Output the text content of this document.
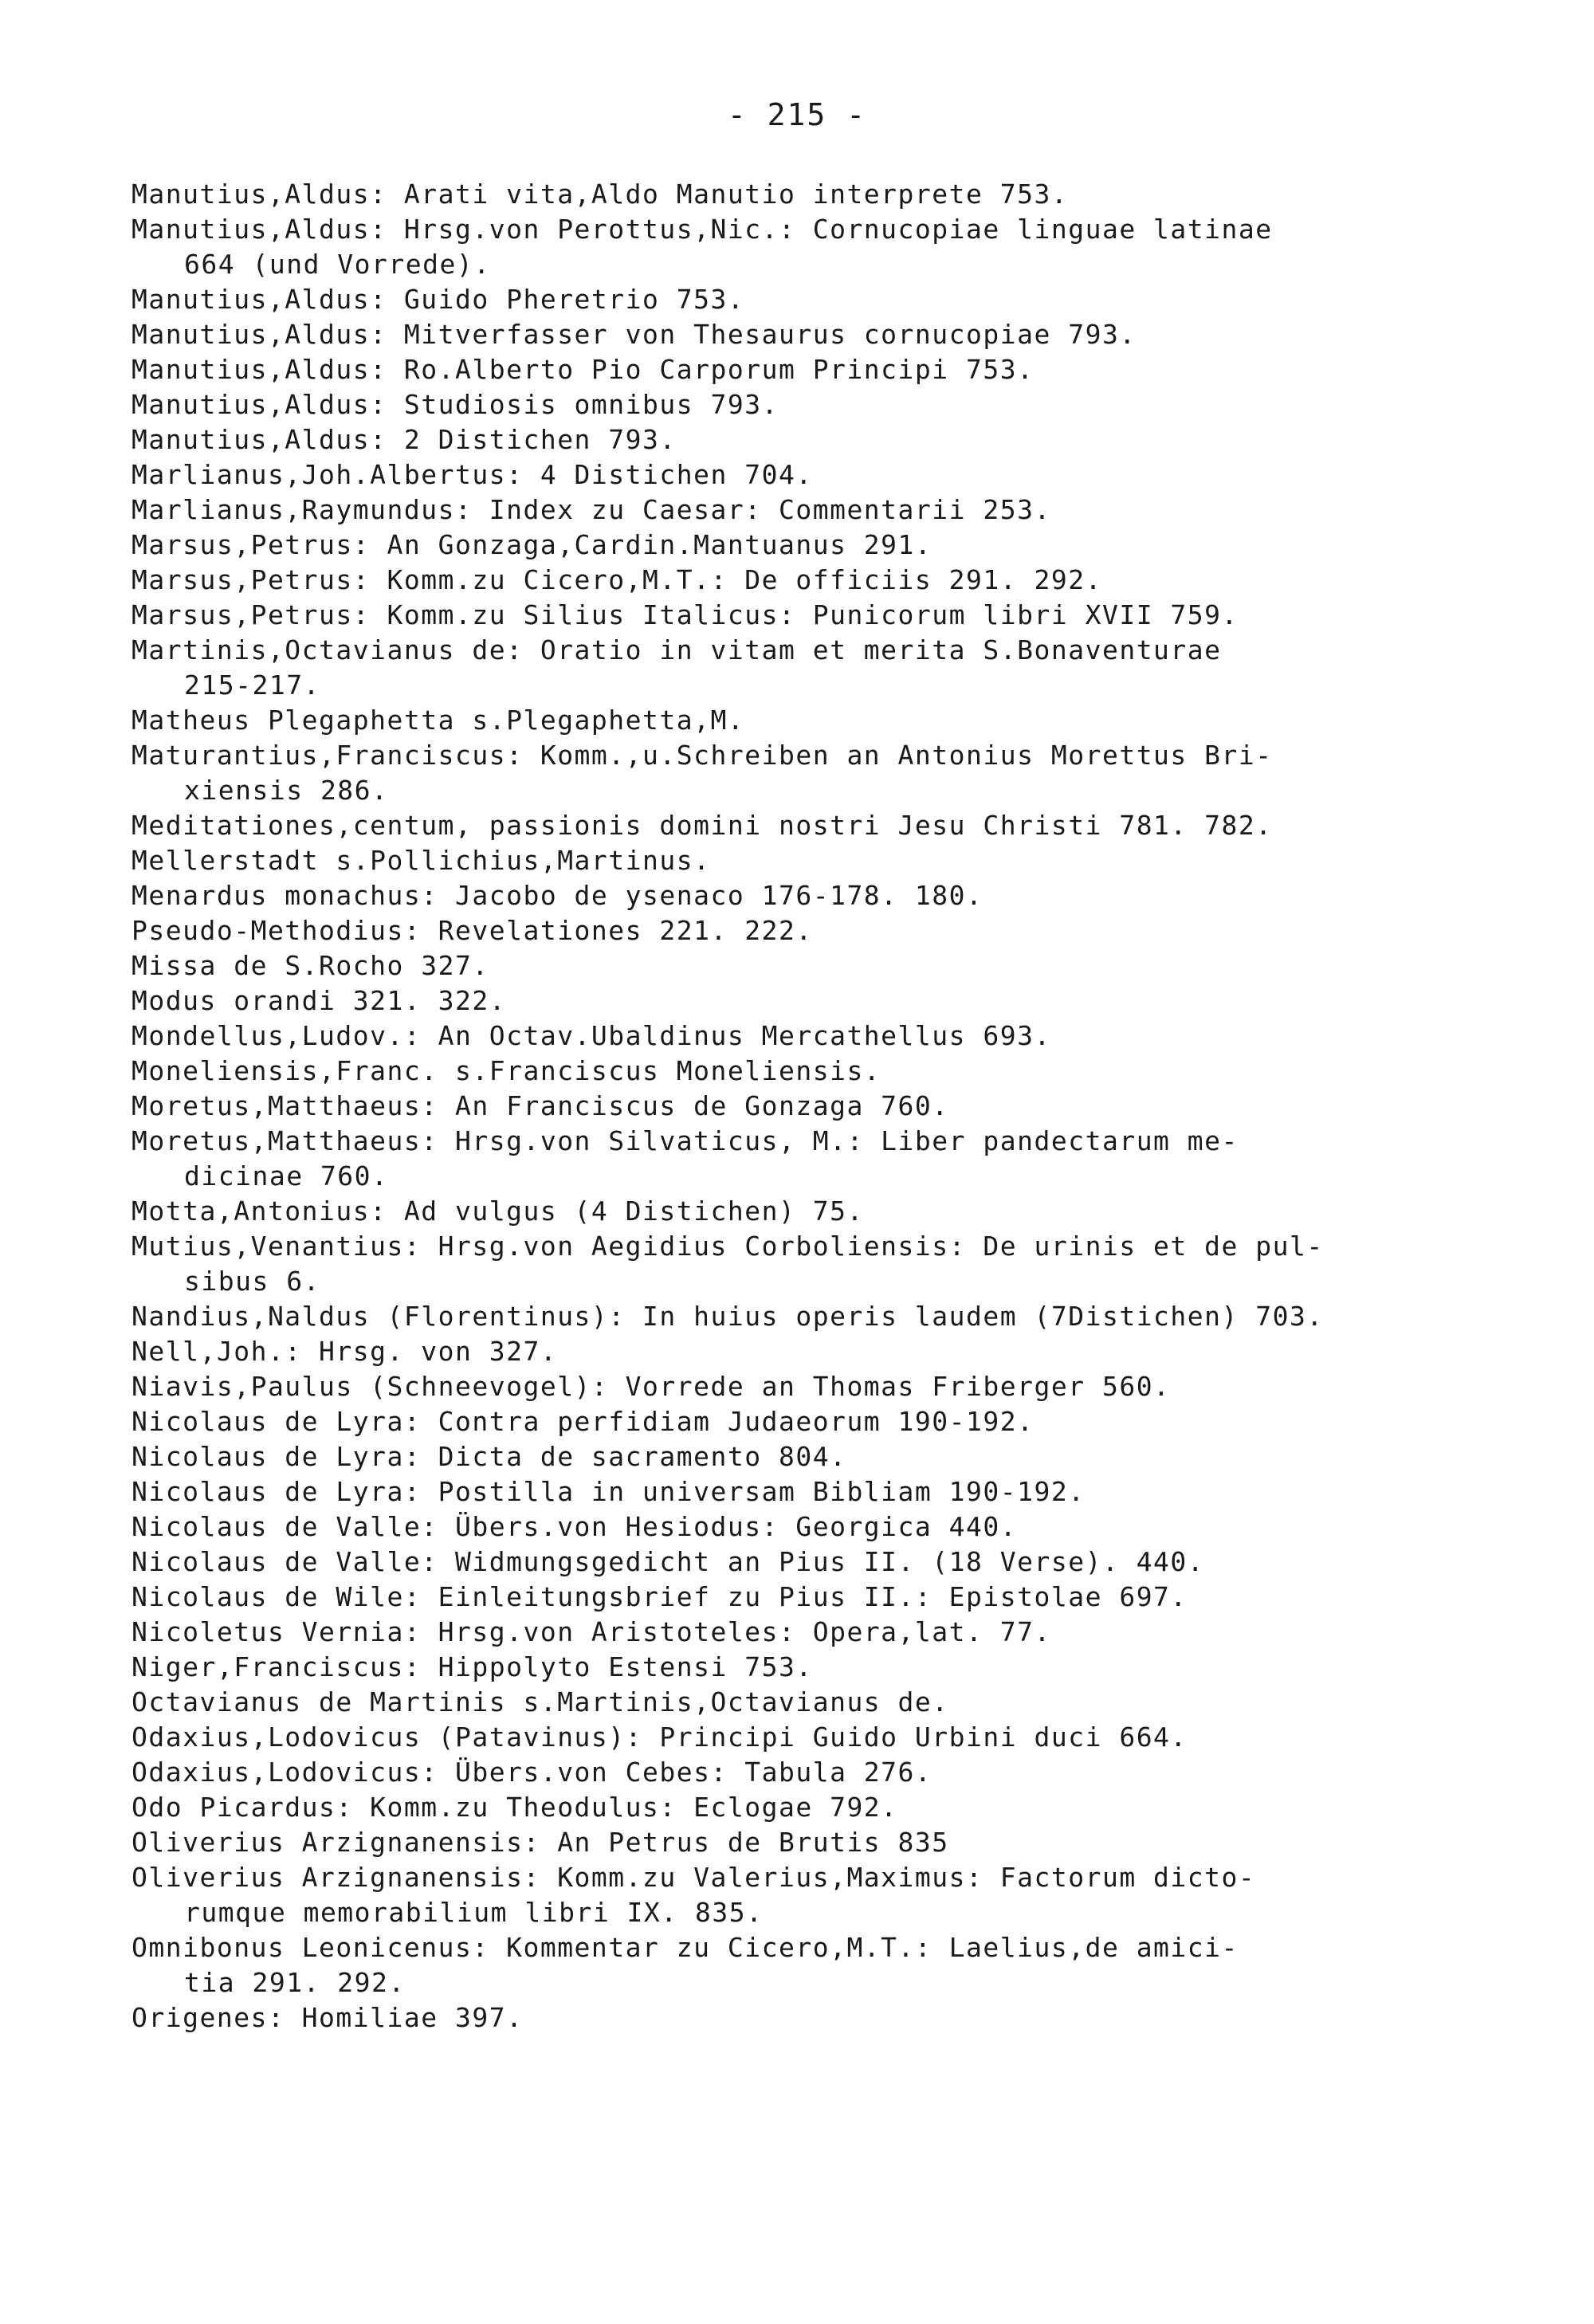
- 215 -
Manutius,Aldus: Arati vita,Aldo Manutio interprete 753.
Manutius,Aldus: Hrsg.von Perottus,Nic.: Cornucopiae linguae latinae
664 (und Vorrede).
Manutius,Aldus: Guido Pheretrio 753.
Manutius,Aldus: Mitverfasser von Thesaurus cornucopiae 793.
Manutius,Aldus: Ro.Alberto Pio Carporum Principi 753.
Manutius,Aldus: Studiosis omnibus 793.
Manutius,Aldus: 2 Distichen 793.
Marlianus,Joh.Albertus: 4 Distichen 704.
Marlianus,Raymundus: Index zu Caesar: Commentarii 253.
Marsus,Petrus: An Gonzaga,Cardin.Mantuanus 291.
Marsus,Petrus: Komm.zu Cicero,M.T.: De officiis 291. 292.
Marsus,Petrus: Komm.zu Silius Italicus: Punicorum libri XVII 759.
Martinis,Octavianus de: Oratio in vitam et merita S.Bonaventurae
215-217.
Matheus Plegaphetta s.Plegaphetta,M.
Maturantius,Franciscus: Komm.,u.Schreiben an Antonius Morettus Bri-
xiensis 286.
Meditationes,centum, passionis domini nostri Jesu Christi 781. 782.
Mellerstadt s.Pollichius,Martinus.
Menardus monachus: Jacobo de ysenaco 176-178. 180.
Pseudo-Methodius: Revelationes 221. 222.
Missa de S.Rocho 327.
Modus orandi 321. 322.
Mondellus,Ludov.: An Octav.Ubaldinus Mercathellus 693.
Moneliensis,Franc. s.Franciscus Moneliensis.
Moretus,Matthaeus: An Franciscus de Gonzaga 760.
Moretus,Matthaeus: Hrsg.von Silvaticus, M.: Liber pandectarum me-
dicinae 760.
Motta,Antonius: Ad vulgus (4 Distichen) 75.
Mutius,Venantius: Hrsg.von Aegidius Corboliensis: De urinis et de pul-
sibus 6.
Nandius,Naldus (Florentinus): In huius operis laudem (7Distichen) 703.
Nell,Joh.: Hrsg. von 327.
Niavis,Paulus (Schneevogel): Vorrede an Thomas Friberger 560.
Nicolaus de Lyra: Contra perfidiam Judaeorum 190-192.
Nicolaus de Lyra: Dicta de sacramento 804.
Nicolaus de Lyra: Postilla in universam Bibliam 190-192.
Nicolaus de Valle: Übers.von Hesiodus: Georgica 440.
Nicolaus de Valle: Widmungsgedicht an Pius II. (18 Verse). 440.
Nicolaus de Wile: Einleitungsbrief zu Pius II.: Epistolae 697.
Nicoletus Vernia: Hrsg.von Aristoteles: Opera,lat. 77.
Niger,Franciscus: Hippolyto Estensi 753.
Octavianus de Martinis s.Martinis,Octavianus de.
Odaxius,Lodovicus (Patavinus): Principi Guido Urbini duci 664.
Odaxius,Lodovicus: Übers.von Cebes: Tabula 276.
Odo Picardus: Komm.zu Theodulus: Eclogae 792.
Oliverius Arzignanensis: An Petrus de Brutis 835
Oliverius Arzignanensis: Komm.zu Valerius,Maximus: Factorum dicto-
rumque memorabilium libri IX. 835.
Omnibonus Leonicenus: Kommentar zu Cicero,M.T.: Laelius,de amici-
tia 291. 292.
Origenes: Homiliae 397.
